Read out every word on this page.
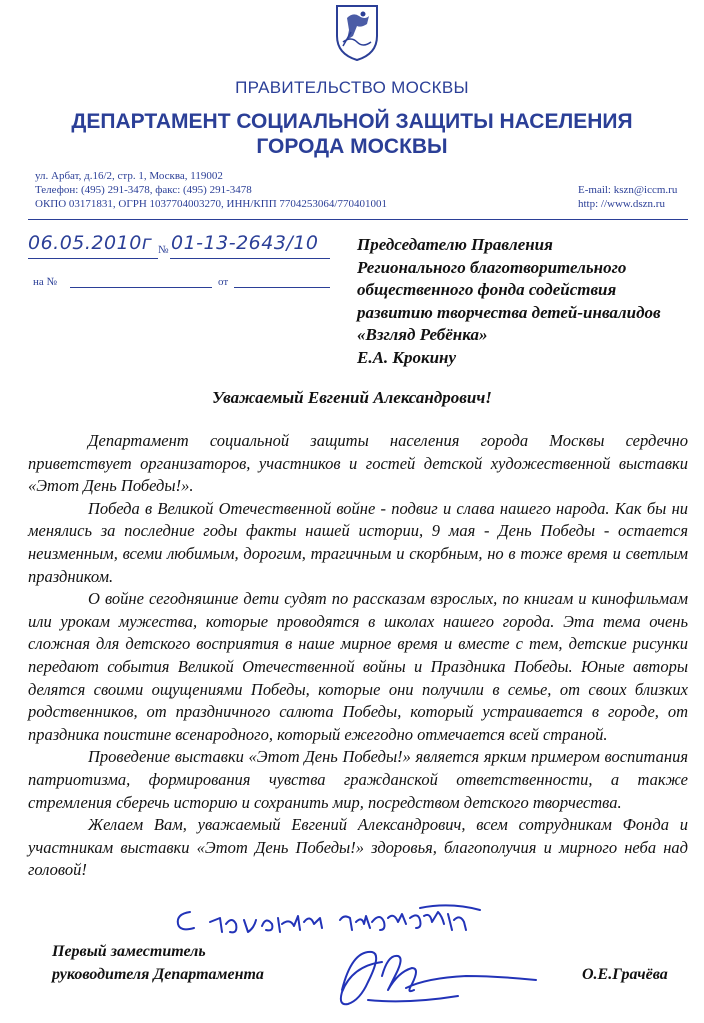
ПРАВИТЕЛЬСТВО МОСКВЫ
ДЕПАРТАМЕНТ СОЦИАЛЬНОЙ ЗАЩИТЫ НАСЕЛЕНИЯ
ГОРОДА МОСКВЫ
ул. Арбат, д.16/2, стр. 1, Москва, 119002
Телефон: (495) 291-3478, факс: (495) 291-3478
ОКПО 03171831, ОГРН 1037704003270, ИНН/КПП 7704253064/770401001
E-mail: kszn@iccm.ru
http: //www.dszn.ru
06.05.2010г № 01-13-2643/10
на №	от
Председателю Правления
Регионального благотворительного
общественного фонда содействия
развитию творчества детей-инвалидов
«Взгляд Ребёнка»
Е.А. Крокину
Уважаемый Евгений Александрович!

Департамент социальной защиты населения города Москвы сердечно приветствует организаторов, участников и гостей детской художественной выставки «Этот День Победы!».

Победа в Великой Отечественной войне - подвиг и слава нашего народа. Как бы ни менялись за последние годы факты нашей истории, 9 мая - День Победы - остается неизменным, всеми любимым, дорогим, трагичным и скорбным, но в тоже время и светлым праздником.

О войне сегодняшние дети судят по рассказам взрослых, по книгам и кинофильмам или урокам мужества, которые проводятся в школах нашего города. Эта тема очень сложная для детского восприятия в наше мирное время и вместе с тем, детские рисунки передают события Великой Отечественной войны и Праздника Победы. Юные авторы делятся своими ощущениями Победы, которые они получили в семье, от своих близких родственников, от праздничного салюта Победы, который устраивается в городе, от праздника поистине всенародного, который ежегодно отмечается всей страной.

Проведение выставки «Этот День Победы!» является ярким примером воспитания патриотизма, формирования чувства гражданской ответственности, а также стремления сберечь историю и сохранить мир, посредством детского творчества.

Желаем Вам, уважаемый Евгений Александрович, всем сотрудникам Фонда и участникам выставки «Этот День Победы!» здоровья, благополучия и мирного неба над головой!

Первый заместитель
руководителя Департамента	О.Е.Грачёва
